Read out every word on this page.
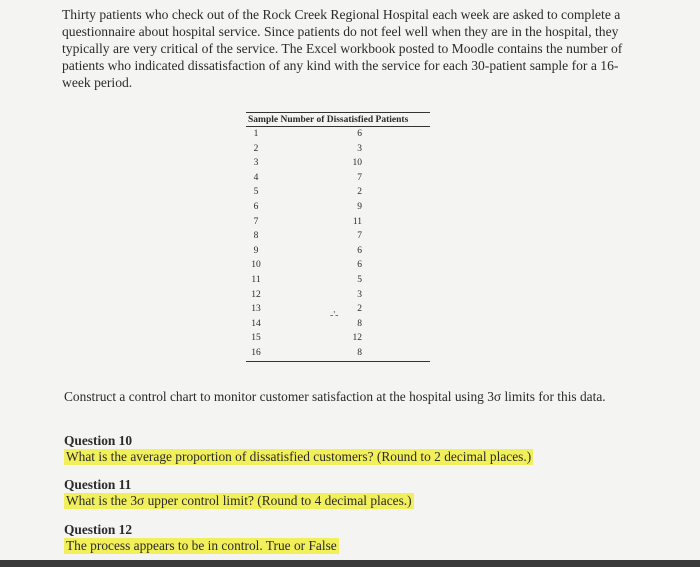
Thirty patients who check out of the Rock Creek Regional Hospital each week are asked to complete a questionnaire about hospital service. Since patients do not feel well when they are in the hospital, they typically are very critical of the service. The Excel workbook posted to Moodle contains the number of patients who indicated dissatisfaction of any kind with the service for each 30-patient sample for a 16-week period.

Sample Number of Dissatisfied Patients	
1	6
2	3
3	10
4	7
5	2
6	9
7	11
8	7
9	6
10	6
11	5
12	3
13	2
14	8
15	12
16	8
-'-

Construct a control chart to monitor customer satisfaction at the hospital using 3σ limits for this data.

Question 10
What is the average proportion of dissatisfied customers? (Round to 2 decimal places.)
Question 11
What is the 3σ upper control limit? (Round to 4 decimal places.)
Question 12
The process appears to be in control. True or False
